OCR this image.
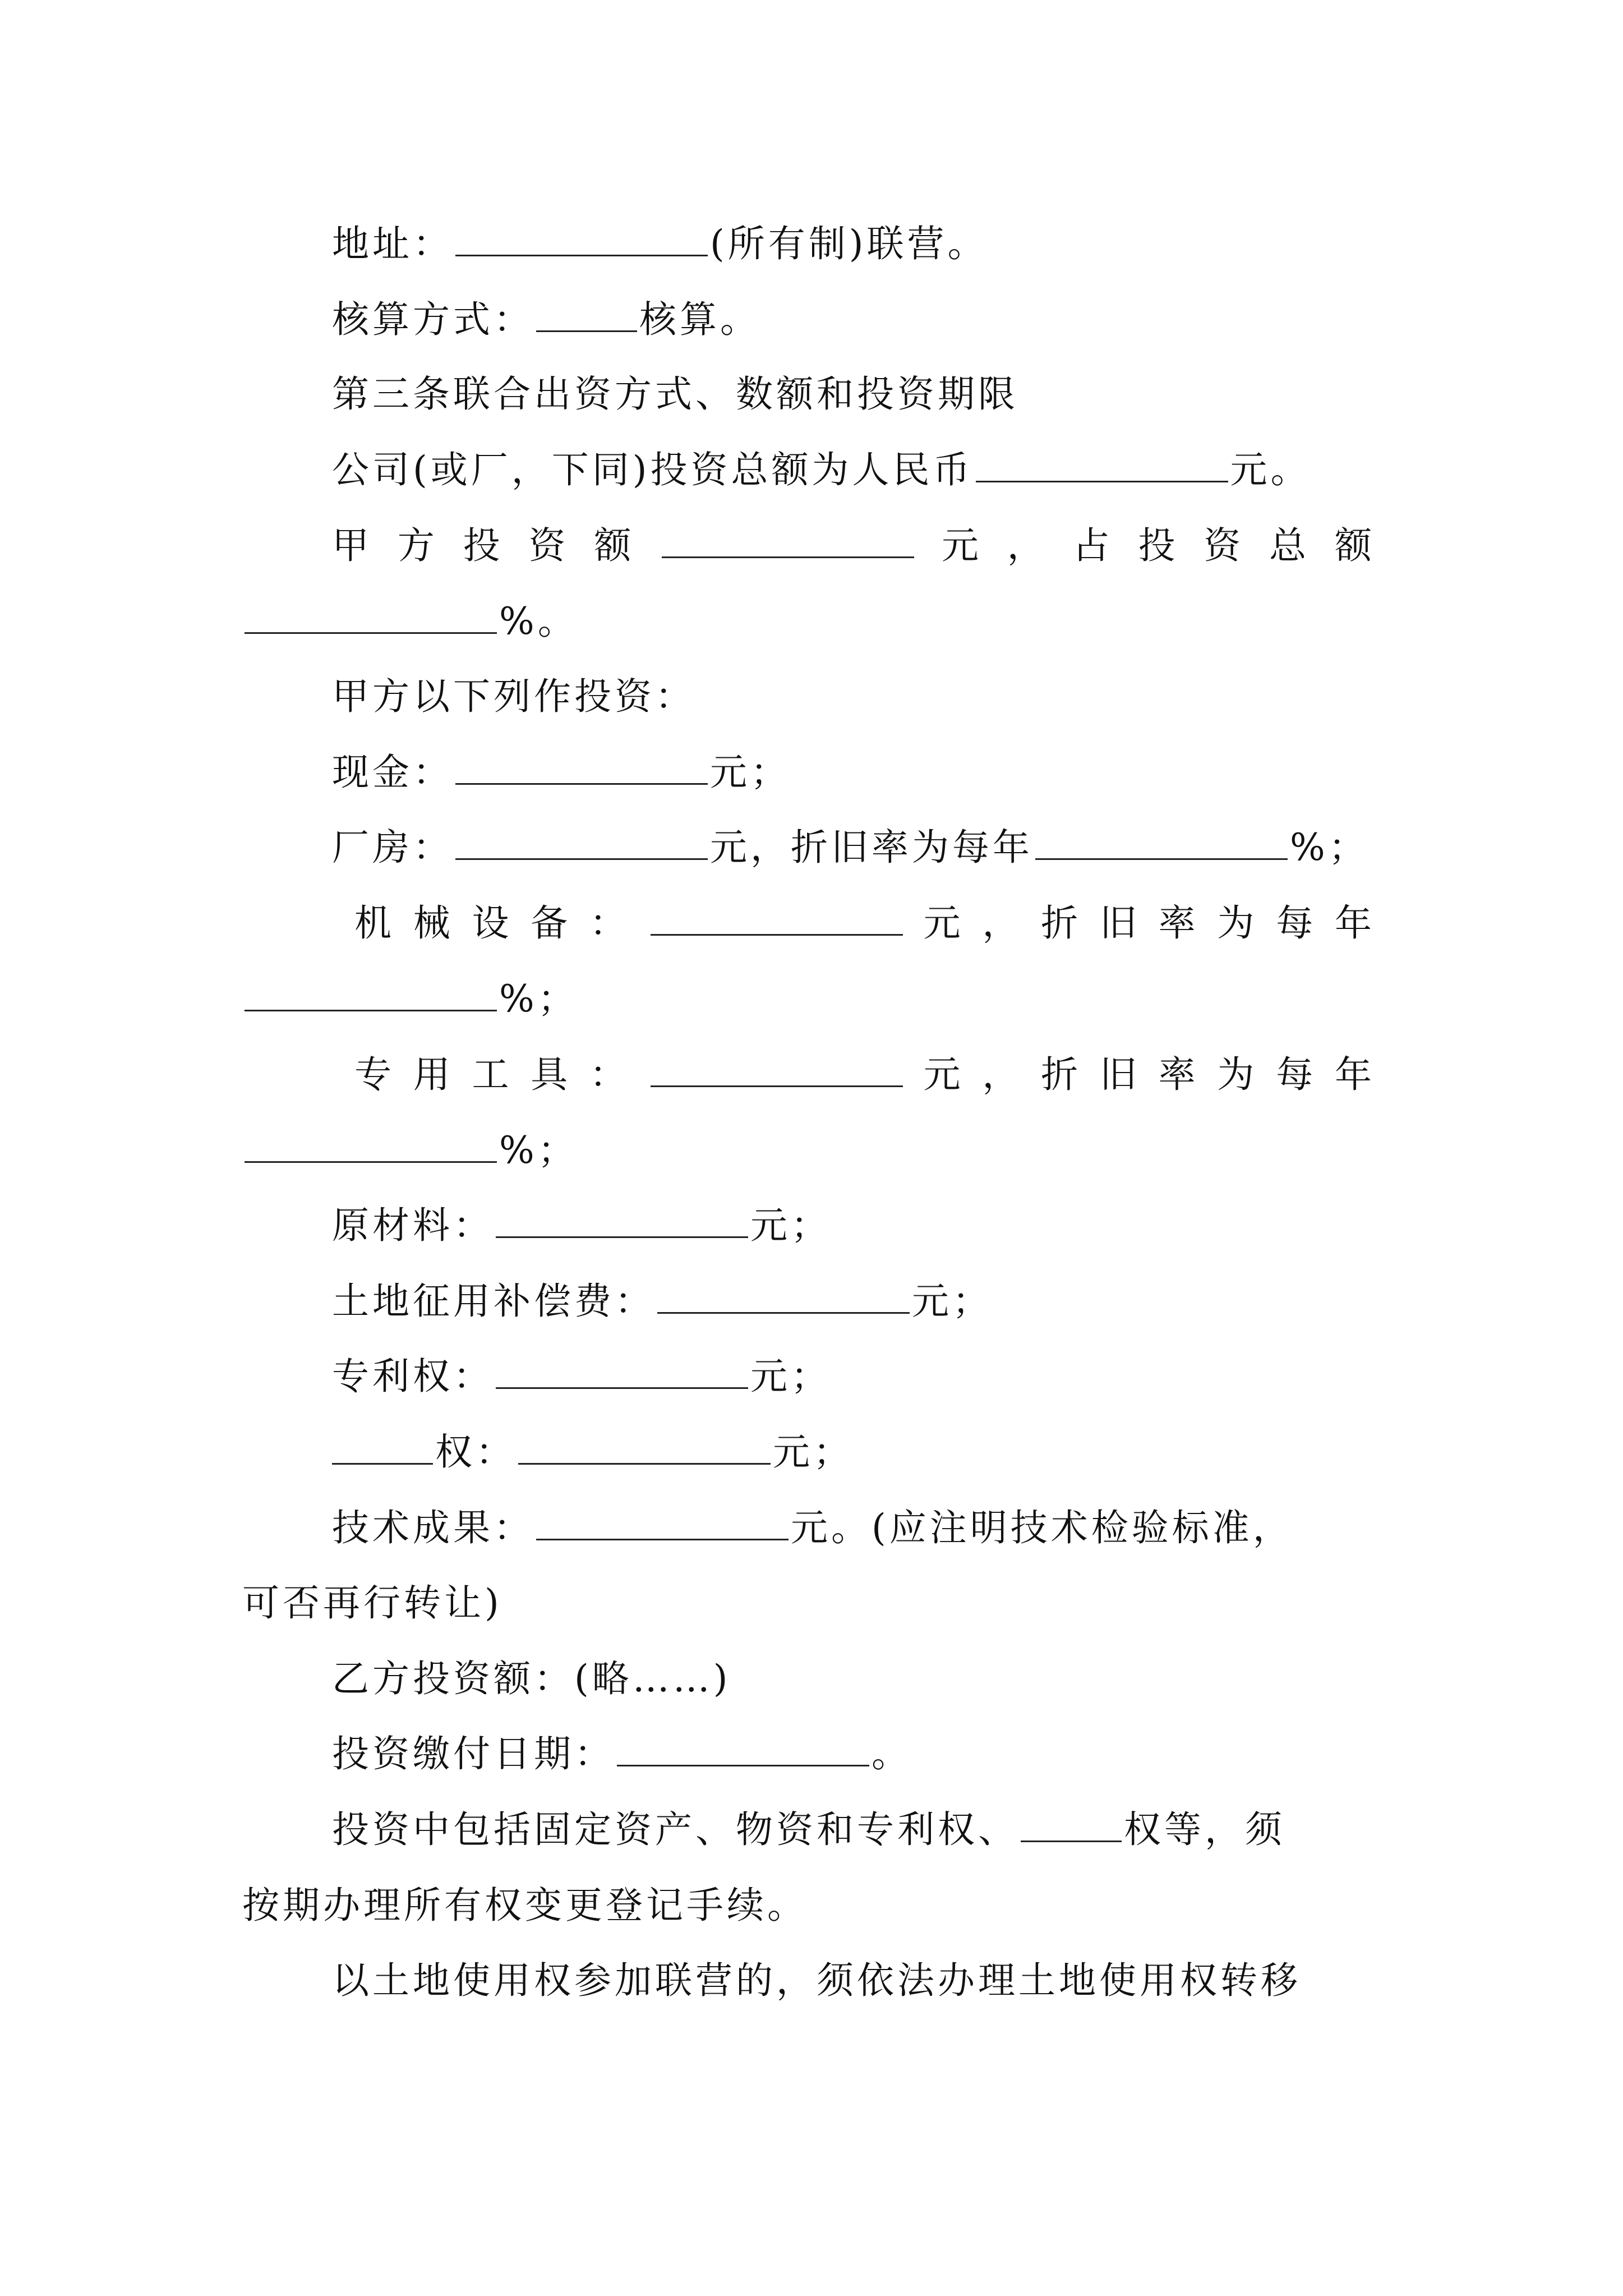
地址：	(所有制)联营。
核算方式：	核算。
第三条联合出资方式、数额和投资期限
公司(或厂，下同)投资总额为人民币	元。
甲 方 投 资 额	元 ， 占 投 资 总 额
%。
甲方以下列作投资：
现金：	元；
厂房：	元，折旧率为每年	%；
机 械 设 备 ：	元 ， 折 旧 率 为 每 年
%；
专 用 工 具 ：	元 ， 折 旧 率 为 每 年
%；
原材料：	元；
土地征用补偿费：	元；
专利权：	元；
权：	元；
技术成果：	元。(应注明技术检验标准，
可否再行转让)
乙方投资额：(略……)
投资缴付日期：	。
投资中包括固定资产、物资和专利权、	权等，须
按期办理所有权变更登记手续。
以土地使用权参加联营的，须依法办理土地使用权转移
